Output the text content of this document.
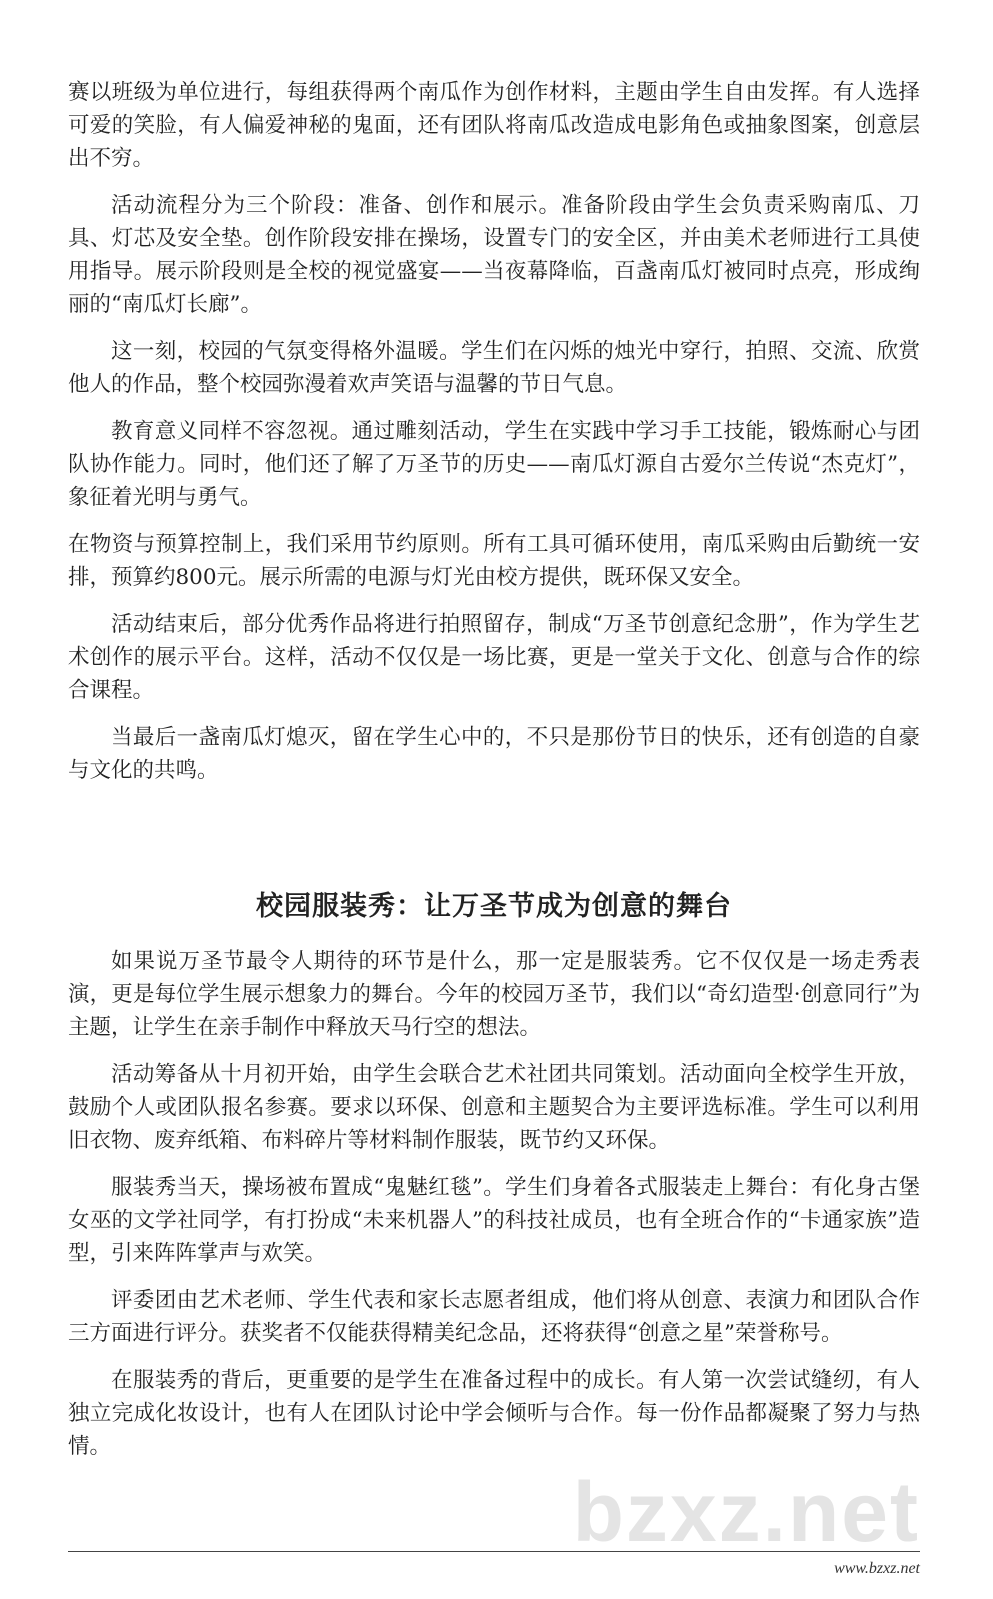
赛以班级为单位进行，每组获得两个南瓜作为创作材料，主题由学生自由发挥。有人选择可爱的笑脸，有人偏爱神秘的鬼面，还有团队将南瓜改造成电影角色或抽象图案，创意层出不穷。

活动流程分为三个阶段：准备、创作和展示。准备阶段由学生会负责采购南瓜、刀具、灯芯及安全垫。创作阶段安排在操场，设置专门的安全区，并由美术老师进行工具使用指导。展示阶段则是全校的视觉盛宴——当夜幕降临，百盏南瓜灯被同时点亮，形成绚丽的“南瓜灯长廊”。

这一刻，校园的气氛变得格外温暖。学生们在闪烁的烛光中穿行，拍照、交流、欣赏他人的作品，整个校园弥漫着欢声笑语与温馨的节日气息。

教育意义同样不容忽视。通过雕刻活动，学生在实践中学习手工技能，锻炼耐心与团队协作能力。同时，他们还了解了万圣节的历史——南瓜灯源自古爱尔兰传说“杰克灯”，象征着光明与勇气。

在物资与预算控制上，我们采用节约原则。所有工具可循环使用，南瓜采购由后勤统一安排，预算约800元。展示所需的电源与灯光由校方提供，既环保又安全。

活动结束后，部分优秀作品将进行拍照留存，制成“万圣节创意纪念册”，作为学生艺术创作的展示平台。这样，活动不仅仅是一场比赛，更是一堂关于文化、创意与合作的综合课程。

当最后一盏南瓜灯熄灭，留在学生心中的，不只是那份节日的快乐，还有创造的自豪与文化的共鸣。

校园服装秀：让万圣节成为创意的舞台

如果说万圣节最令人期待的环节是什么，那一定是服装秀。它不仅仅是一场走秀表演，更是每位学生展示想象力的舞台。今年的校园万圣节，我们以“奇幻造型·创意同行”为主题，让学生在亲手制作中释放天马行空的想法。

活动筹备从十月初开始，由学生会联合艺术社团共同策划。活动面向全校学生开放，鼓励个人或团队报名参赛。要求以环保、创意和主题契合为主要评选标准。学生可以利用旧衣物、废弃纸箱、布料碎片等材料制作服装，既节约又环保。

服装秀当天，操场被布置成“鬼魅红毯”。学生们身着各式服装走上舞台：有化身古堡女巫的文学社同学，有打扮成“未来机器人”的科技社成员，也有全班合作的“卡通家族”造型，引来阵阵掌声与欢笑。

评委团由艺术老师、学生代表和家长志愿者组成，他们将从创意、表演力和团队合作三方面进行评分。获奖者不仅能获得精美纪念品，还将获得“创意之星”荣誉称号。

在服装秀的背后，更重要的是学生在准备过程中的成长。有人第一次尝试缝纫，有人独立完成化妆设计，也有人在团队讨论中学会倾听与合作。每一份作品都凝聚了努力与热情。

bzxz.net
www.bzxz.net
